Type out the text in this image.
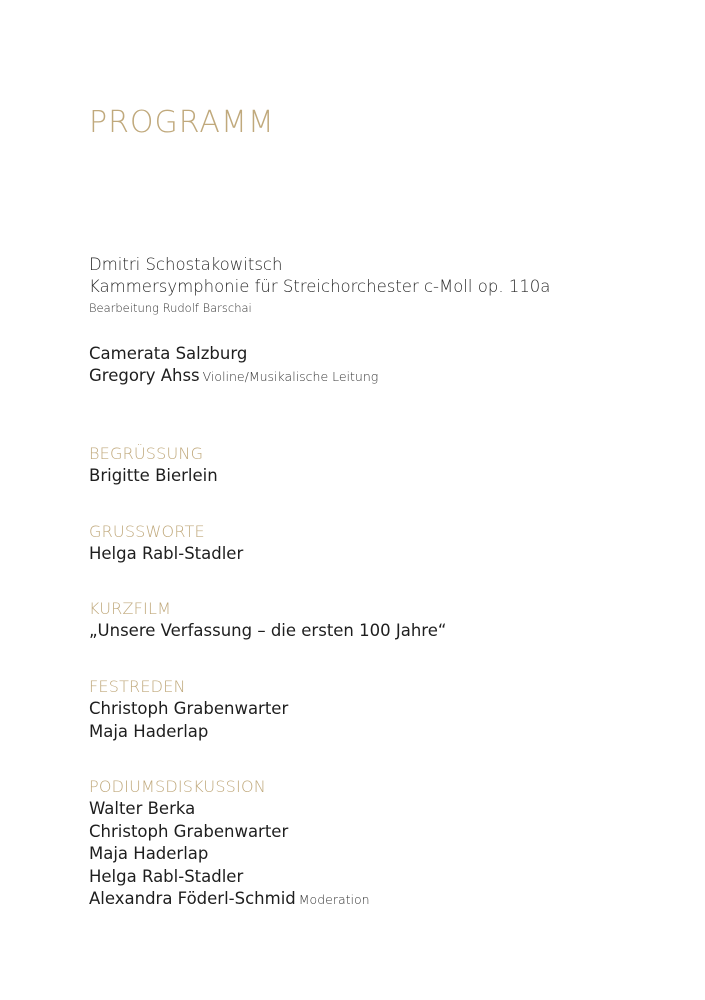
PROGRAMM
Dmitri Schostakowitsch
Kammersymphonie für Streichorchester c-Moll op. 110a
Bearbeitung Rudolf Barschai
Camerata Salzburg
Gregory Ahss Violine/Musikalische Leitung
BEGRÜSSUNG
Brigitte Bierlein
GRUSSWORTE
Helga Rabl-Stadler
KURZFILM
„Unsere Verfassung – die ersten 100 Jahre“
FESTREDEN
Christoph Grabenwarter
Maja Haderlap
PODIUMSDISKUSSION
Walter Berka
Christoph Grabenwarter
Maja Haderlap
Helga Rabl-Stadler
Alexandra Föderl-Schmid Moderation
